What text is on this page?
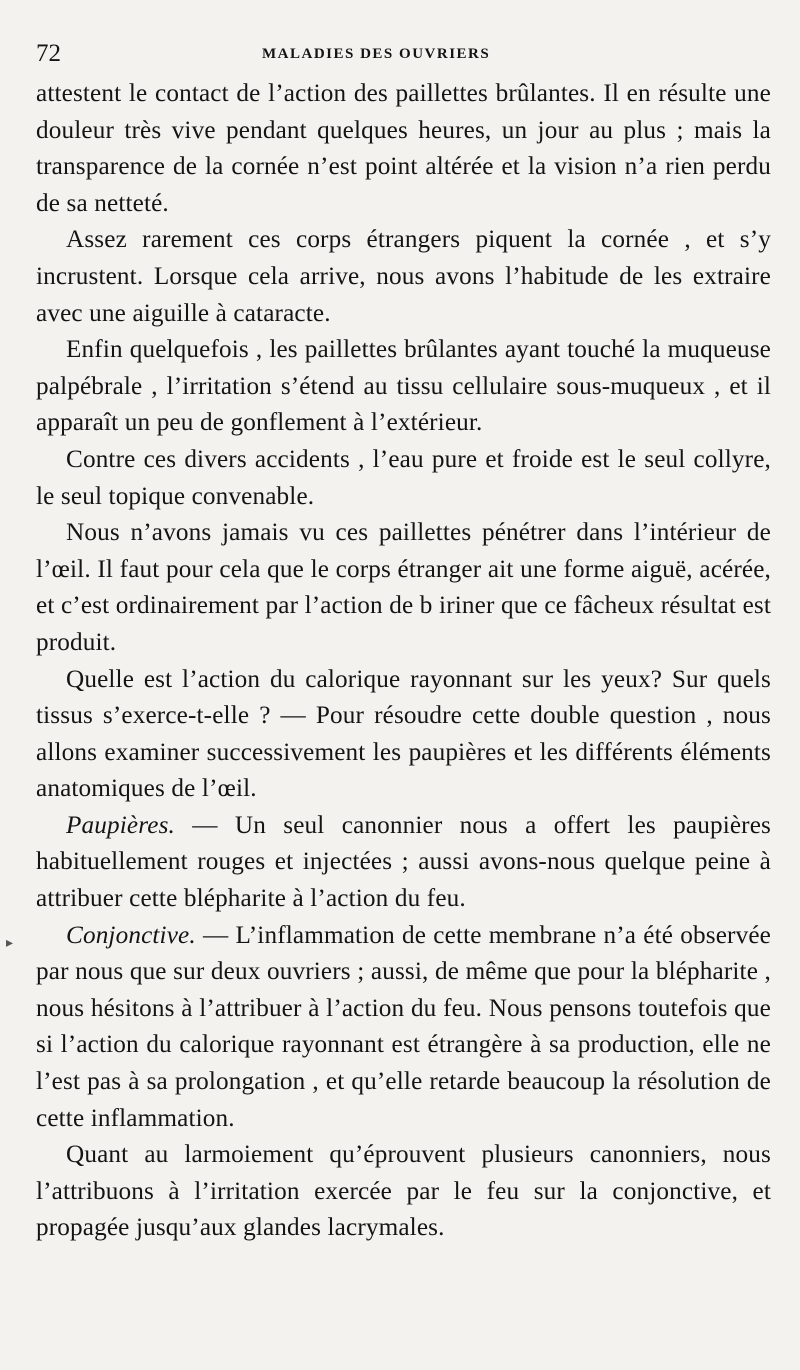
72	MALADIES DES OUVRIERS

attestent le contact de l’action des paillettes brûlantes. Il en résulte une douleur très vive pendant quelques heures, un jour au plus ; mais la transparence de la cornée n’est point altérée et la vision n’a rien perdu de sa netteté.

Assez rarement ces corps étrangers piquent la cornée , et s’y incrustent. Lorsque cela arrive, nous avons l’habitude de les extraire avec une aiguille à cataracte.

Enfin quelquefois , les paillettes brûlantes ayant touché la muqueuse palpébrale , l’irritation s’étend au tissu cellulaire sous-muqueux , et il apparaît un peu de gonflement à l’extérieur.

Contre ces divers accidents , l’eau pure et froide est le seul collyre, le seul topique convenable.

Nous n’avons jamais vu ces paillettes pénétrer dans l’intérieur de l’œil. Il faut pour cela que le corps étranger ait une forme aiguë, acérée, et c’est ordinairement par l’action de b iriner que ce fâcheux résultat est produit.

Quelle est l’action du calorique rayonnant sur les yeux? Sur quels tissus s’exerce-t-elle ? — Pour résoudre cette double question , nous allons examiner successivement les paupières et les différents éléments anatomiques de l’œil.

Paupières. — Un seul canonnier nous a offert les paupières habituellement rouges et injectées ; aussi avons-nous quelque peine à attribuer cette blépharite à l’action du feu.

Conjonctive. — L’inflammation de cette membrane n’a été observée par nous que sur deux ouvriers ; aussi, de même que pour la blépharite , nous hésitons à l’attribuer à l’action du feu. Nous pensons toutefois que si l’action du calorique rayonnant est étrangère à sa production, elle ne l’est pas à sa prolongation , et qu’elle retarde beaucoup la résolution de cette inflammation.

Quant au larmoiement qu’éprouvent plusieurs canonniers, nous l’attribuons à l’irritation exercée par le feu sur la conjonctive, et propagée jusqu’aux glandes lacrymales.

▸
